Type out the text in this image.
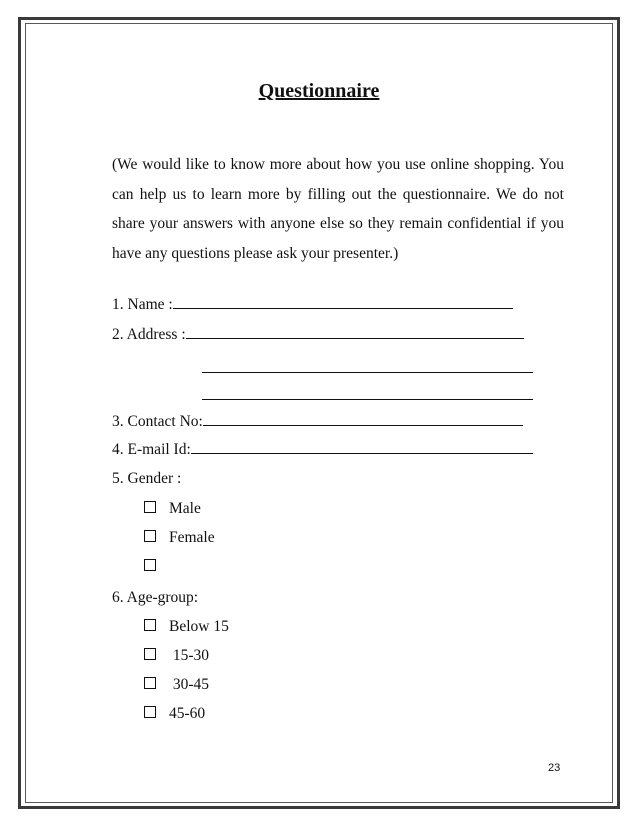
Questionnaire
(We would like to know more about how you use online shopping. You can help us to learn more by filling out the questionnaire. We do not share your answers with anyone else so they remain confidential if you have any questions please ask your presenter.)
1. Name :
2. Address :
3. Contact No:
4. E-mail Id:
5. Gender :
Male
Female
6. Age-group:
Below 15
15-30
30-45
45-60
23
